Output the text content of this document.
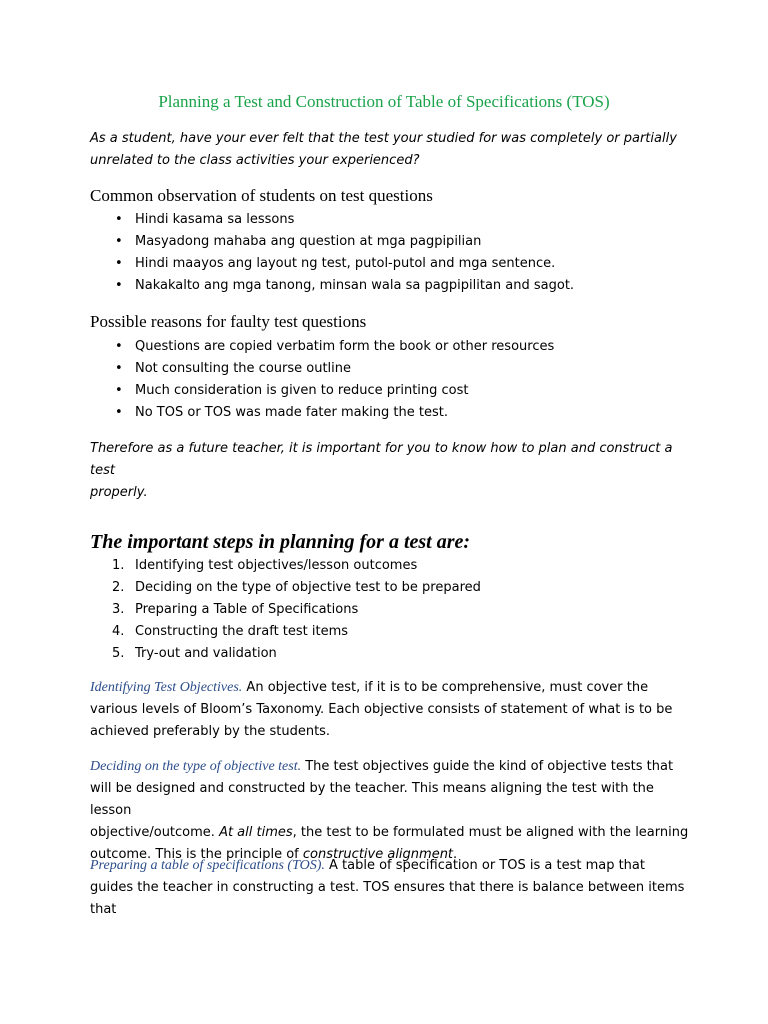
Planning a Test and Construction of Table of Specifications (TOS)

As a student, have your ever felt that the test your studied for was completely or partially
unrelated to the class activities your experienced?

Common observation of students on test questions
• Hindi kasama sa lessons
• Masyadong mahaba ang question at mga pagpipilian
• Hindi maayos ang layout ng test, putol-putol and mga sentence.
• Nakakalto ang mga tanong, minsan wala sa pagpipilitan and sagot.
Possible reasons for faulty test questions
• Questions are copied verbatim form the book or other resources
• Not consulting the course outline
• Much consideration is given to reduce printing cost
• No TOS or TOS was made fater making the test.

Therefore as a future teacher, it is important for you to know how to plan and construct a test
properly.

The important steps in planning for a test are:
1. Identifying test objectives/lesson outcomes
2. Deciding on the type of objective test to be prepared
3. Preparing a Table of Specifications
4. Constructing the draft test items
5. Try-out and validation

Identifying Test Objectives. An objective test, if it is to be comprehensive, must cover the
various levels of Bloom’s Taxonomy. Each objective consists of statement of what is to be
achieved preferably by the students.

Deciding on the type of objective test. The test objectives guide the kind of objective tests that
will be designed and constructed by the teacher. This means aligning the test with the lesson
objective/outcome. At all times, the test to be formulated must be aligned with the learning
outcome. This is the principle of constructive alignment.

Preparing a table of specifications (TOS). A table of specification or TOS is a test map that
guides the teacher in constructing a test. TOS ensures that there is balance between items that
